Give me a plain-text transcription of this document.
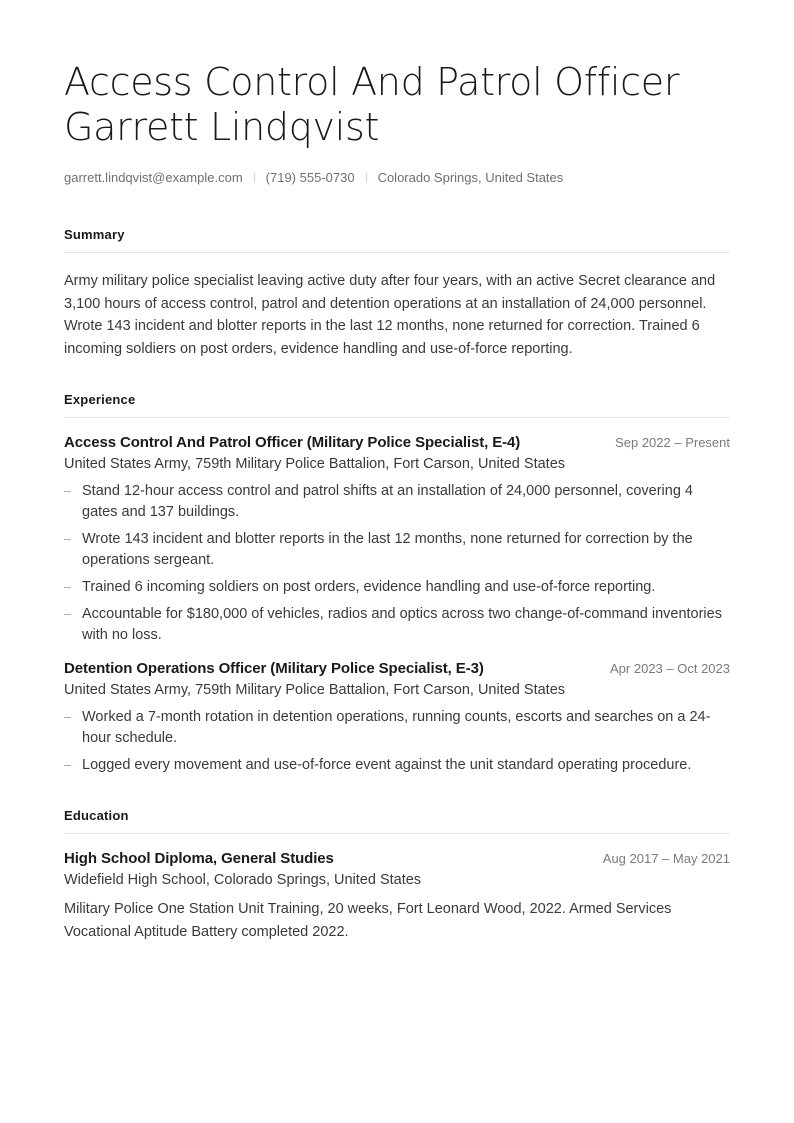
Access Control And Patrol Officer
Garrett Lindqvist
garrett.lindqvist@example.com (719) 555-0730 Colorado Springs, United States
Summary

Army military police specialist leaving active duty after four years, with an active Secret clearance and 3,100 hours of access control, patrol and detention operations at an installation of 24,000 personnel. Wrote 143 incident and blotter reports in the last 12 months, none returned for correction. Trained 6 incoming soldiers on post orders, evidence handling and use-of-force reporting.

Experience
Access Control And Patrol Officer (Military Police Specialist, E-4)	Sep 2022 – Present
United States Army, 759th Military Police Battalion, Fort Carson, United States
Stand 12-hour access control and patrol shifts at an installation of 24,000 personnel, covering 4 gates and 137 buildings.
Wrote 143 incident and blotter reports in the last 12 months, none returned for correction by the operations sergeant.
Trained 6 incoming soldiers on post orders, evidence handling and use-of-force reporting.
Accountable for $180,000 of vehicles, radios and optics across two change-of-command inventories with no loss.
Detention Operations Officer (Military Police Specialist, E-3)	Apr 2023 – Oct 2023
United States Army, 759th Military Police Battalion, Fort Carson, United States
Worked a 7-month rotation in detention operations, running counts, escorts and searches on a 24-hour schedule.
Logged every movement and use-of-force event against the unit standard operating procedure.
Education
High School Diploma, General Studies	Aug 2017 – May 2021
Widefield High School, Colorado Springs, United States
Military Police One Station Unit Training, 20 weeks, Fort Leonard Wood, 2022. Armed Services Vocational Aptitude Battery completed 2022.
